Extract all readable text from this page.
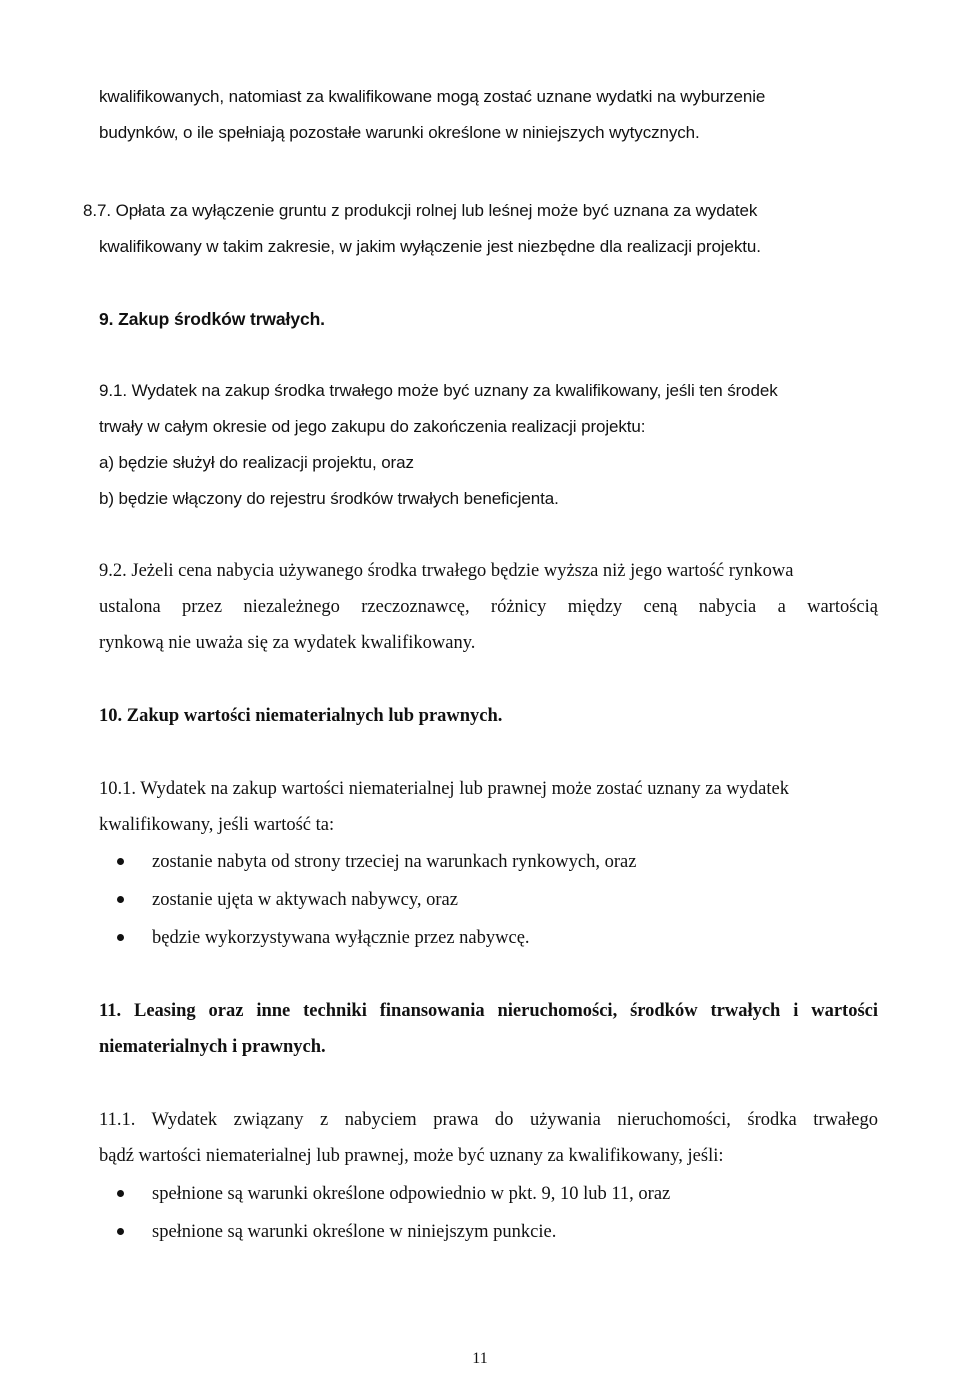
kwalifikowanych, natomiast za kwalifikowane mogą zostać uznane wydatki na wyburzenie
budynków, o ile spełniają pozostałe warunki określone w niniejszych wytycznych.
8.7. Opłata za wyłączenie gruntu z produkcji rolnej lub leśnej może być uznana za wydatek
kwalifikowany w takim zakresie, w jakim wyłączenie jest niezbędne dla realizacji projektu.
9. Zakup środków trwałych.
9.1. Wydatek na zakup środka trwałego może być uznany za kwalifikowany, jeśli ten środek
trwały w całym okresie od jego zakupu do zakończenia realizacji projektu:
a) będzie służył do realizacji projektu, oraz
b) będzie włączony do rejestru środków trwałych beneficjenta.
9.2. Jeżeli cena nabycia używanego środka trwałego będzie wyższa niż jego wartość rynkowa
ustalona przez niezależnego rzeczoznawcę, różnicy między ceną nabycia a wartością
rynkową nie uważa się za wydatek kwalifikowany.
10. Zakup wartości niematerialnych lub prawnych.
10.1. Wydatek na zakup wartości niematerialnej lub prawnej może zostać uznany za wydatek
kwalifikowany, jeśli wartość ta:
zostanie nabyta od strony trzeciej na warunkach rynkowych, oraz
zostanie ujęta w aktywach nabywcy, oraz
będzie wykorzystywana wyłącznie przez nabywcę.
11. Leasing oraz inne techniki finansowania nieruchomości, środków trwałych i wartości
niematerialnych i prawnych.
11.1. Wydatek związany z nabyciem prawa do używania nieruchomości, środka trwałego
bądź wartości niematerialnej lub prawnej, może być uznany za kwalifikowany, jeśli:
spełnione są warunki określone odpowiednio w pkt. 9, 10 lub 11, oraz
spełnione są warunki określone w niniejszym punkcie.
11
